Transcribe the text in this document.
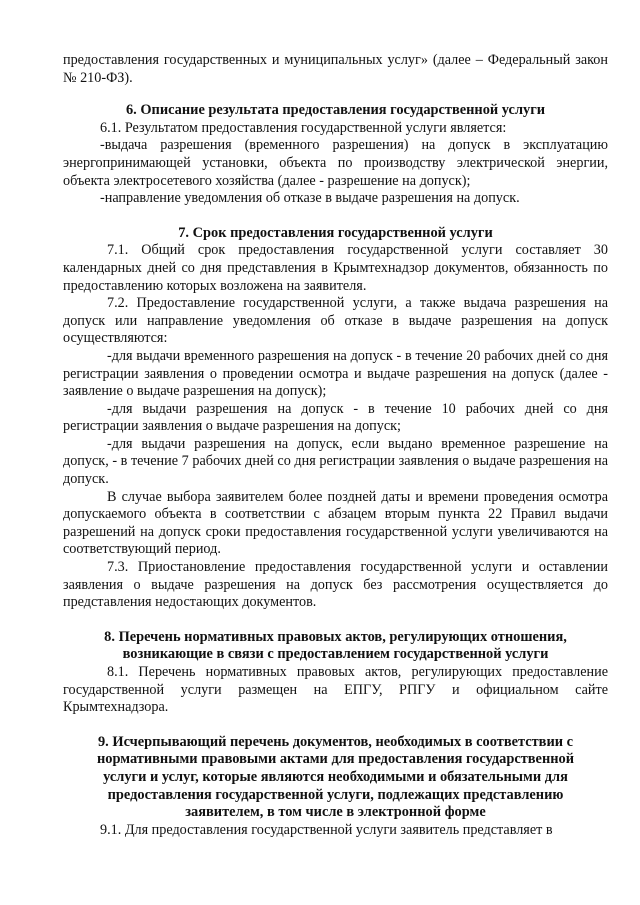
предоставления государственных и муниципальных услуг» (далее – Федеральный закон № 210-ФЗ).

6. Описание результата предоставления государственной услуги

6.1. Результатом предоставления государственной услуги является:

-выдача разрешения (временного разрешения) на допуск в эксплуатацию энергопринимающей установки, объекта по производству электрической энергии, объекта электросетевого хозяйства (далее - разрешение на допуск);

-направление уведомления об отказе в выдаче разрешения на допуск.

7. Срок предоставления государственной услуги

7.1. Общий срок предоставления государственной услуги составляет 30 календарных дней со дня представления в Крымтехнадзор документов, обязанность по предоставлению которых возложена на заявителя.

7.2. Предоставление государственной услуги, а также выдача разрешения на допуск или направление уведомления об отказе в выдаче разрешения на допуск осуществляются:

-для выдачи временного разрешения на допуск - в течение 20 рабочих дней со дня регистрации заявления о проведении осмотра и выдаче разрешения на допуск (далее - заявление о выдаче разрешения на допуск);

-для выдачи разрешения на допуск - в течение 10 рабочих дней со дня регистрации заявления о выдаче разрешения на допуск;

-для выдачи разрешения на допуск, если выдано временное разрешение на допуск, - в течение 7 рабочих дней со дня регистрации заявления о выдаче разрешения на допуск.

В случае выбора заявителем более поздней даты и времени проведения осмотра допускаемого объекта в соответствии с абзацем вторым пункта 22 Правил выдачи разрешений на допуск сроки предоставления государственной услуги увеличиваются на соответствующий период.

7.3. Приостановление предоставления государственной услуги и оставлении заявления о выдаче разрешения на допуск без рассмотрения осуществляется до представления недостающих документов.

8. Перечень нормативных правовых актов, регулирующих отношения,
возникающие в связи с предоставлением государственной услуги

8.1. Перечень нормативных правовых актов, регулирующих предоставление государственной услуги размещен на ЕПГУ, РПГУ и официальном сайте Крымтехнадзора.

9. Исчерпывающий перечень документов, необходимых в соответствии с
нормативными правовыми актами для предоставления государственной
услуги и услуг, которые являются необходимыми и обязательными для
предоставления государственной услуги, подлежащих представлению
заявителем, в том числе в электронной форме

9.1. Для предоставления государственной услуги заявитель представляет в
